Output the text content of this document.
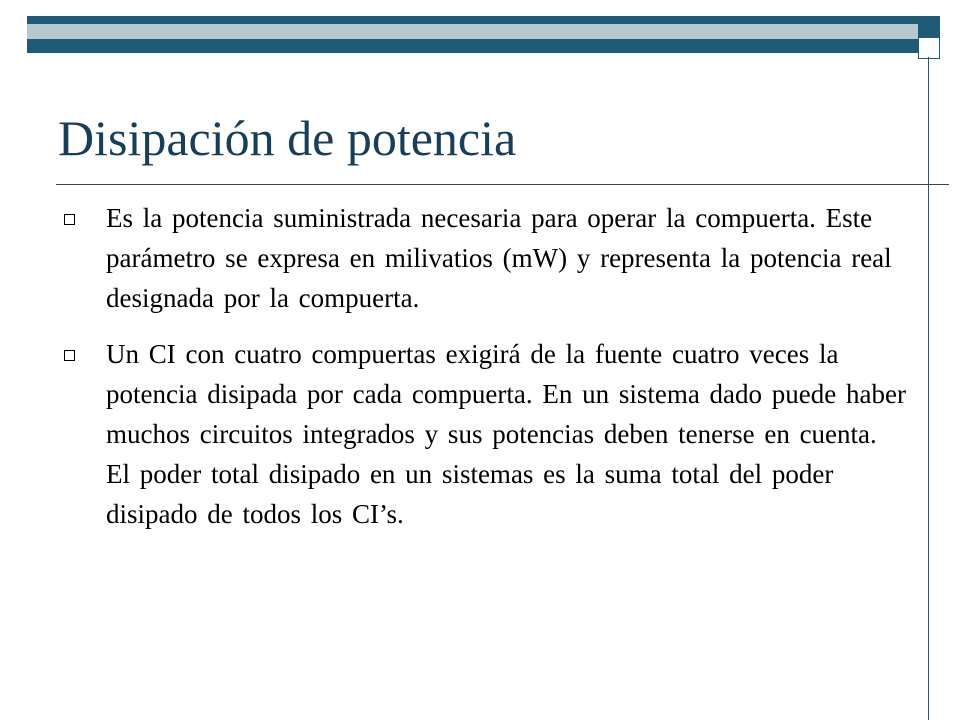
Disipación de potencia
Es la potencia suministrada necesaria para operar la compuerta. Este parámetro se expresa en milivatios (mW) y representa la potencia real designada por la compuerta.
Un CI con cuatro compuertas exigirá de la fuente cuatro veces la potencia disipada por cada compuerta. En un sistema dado puede haber muchos circuitos integrados y sus potencias deben tenerse en cuenta. El poder total disipado en un sistemas es la suma total del poder disipado de todos los CI’s.
